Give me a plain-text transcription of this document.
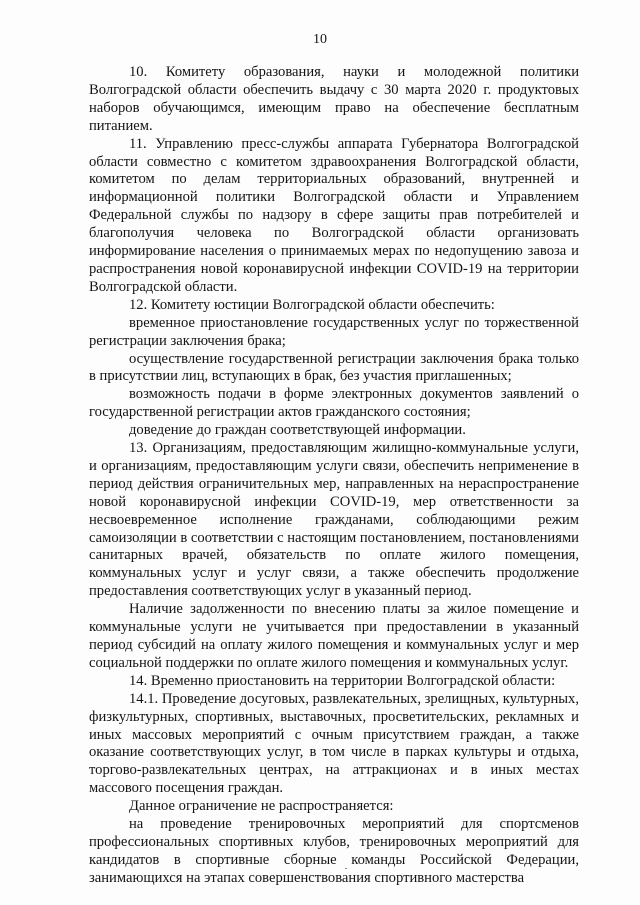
10

10. Комитету образования, науки и молодежной политики Волгоградской области обеспечить выдачу с 30 марта 2020 г. продуктовых наборов обучающимся, имеющим право на обеспечение бесплатным питанием.

11. Управлению пресс-службы аппарата Губернатора Волгоградской области совместно с комитетом здравоохранения Волгоградской области, комитетом по делам территориальных образований, внутренней и информационной политики Волгоградской области и Управлением Федеральной службы по надзору в сфере защиты прав потребителей и благополучия человека по Волгоградской области организовать информирование населения о принимаемых мерах по недопущению завоза и распространения новой коронавирусной инфекции COVID-19 на территории Волгоградской области.

12. Комитету юстиции Волгоградской области обеспечить:

временное приостановление государственных услуг по торжественной регистрации заключения брака;

осуществление государственной регистрации заключения брака только в присутствии лиц, вступающих в брак, без участия приглашенных;

возможность подачи в форме электронных документов заявлений о государственной регистрации актов гражданского состояния;

доведение до граждан соответствующей информации.

13. Организациям, предоставляющим жилищно-коммунальные услуги, и организациям, предоставляющим услуги связи, обеспечить неприменение в период действия ограничительных мер, направленных на нераспространение новой коронавирусной инфекции COVID-19, мер ответственности за несвоевременное исполнение гражданами, соблюдающими режим самоизоляции в соответствии с настоящим постановлением, постановлениями санитарных врачей, обязательств по оплате жилого помещения, коммунальных услуг и услуг связи, а также обеспечить продолжение предоставления соответствующих услуг в указанный период.

Наличие задолженности по внесению платы за жилое помещение и коммунальные услуги не учитывается при предоставлении в указанный период субсидий на оплату жилого помещения и коммунальных услуг и мер социальной поддержки по оплате жилого помещения и коммунальных услуг.

14. Временно приостановить на территории Волгоградской области:

14.1. Проведение досуговых, развлекательных, зрелищных, культурных, физкультурных, спортивных, выставочных, просветительских, рекламных и иных массовых мероприятий с очным присутствием граждан, а также оказание соответствующих услуг, в том числе в парках культуры и отдыха, торгово-развлекательных центрах, на аттракционах и в иных местах массового посещения граждан.

Данное ограничение не распространяется:

на проведение тренировочных мероприятий для спортсменов профессиональных спортивных клубов, тренировочных мероприятий для кандидатов в спортивные сборные команды Российской Федерации, занимающихся на этапах совершенствования спортивного мастерства
